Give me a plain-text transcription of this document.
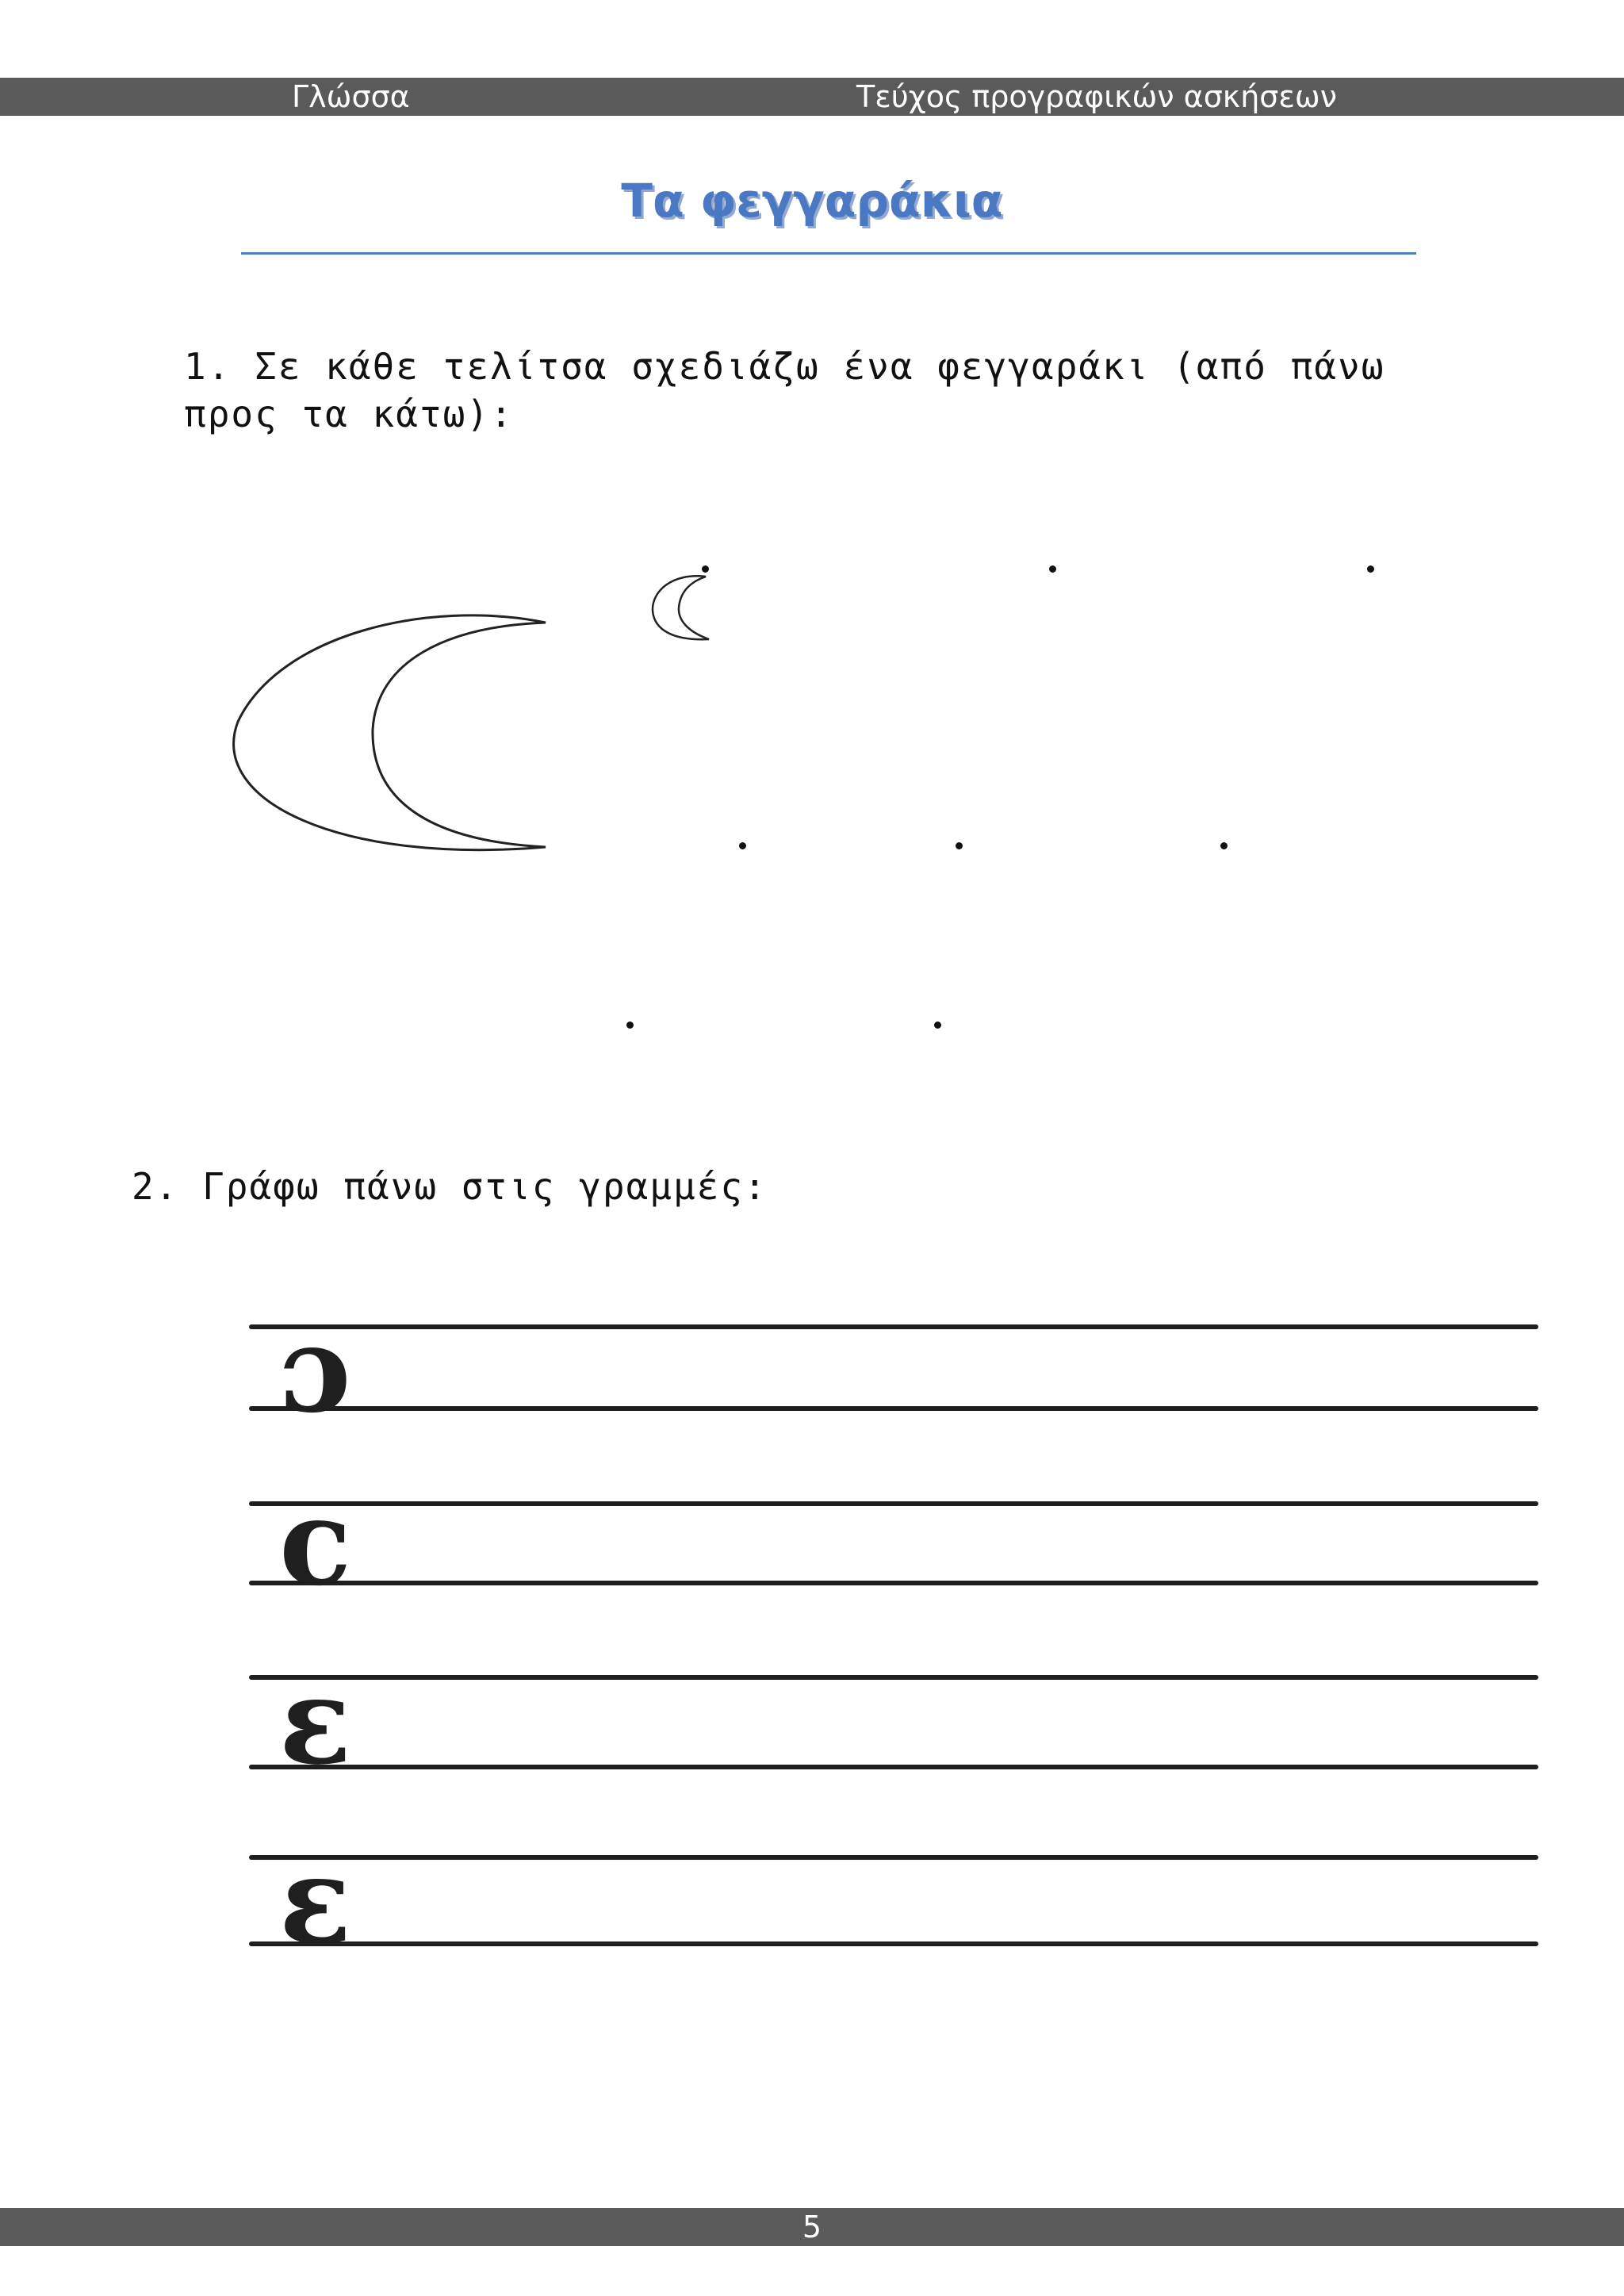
Γλώσσα	Τεύχος προγραφικών ασκήσεων
Τα φεγγαράκια
1. Σε κάθε τελίτσα σχεδιάζω ένα φεγγαράκι (από πάνω προς τα κάτω):
2. Γράφω πάνω στις γραμμές:
ɔ
c
ε
ε
5
